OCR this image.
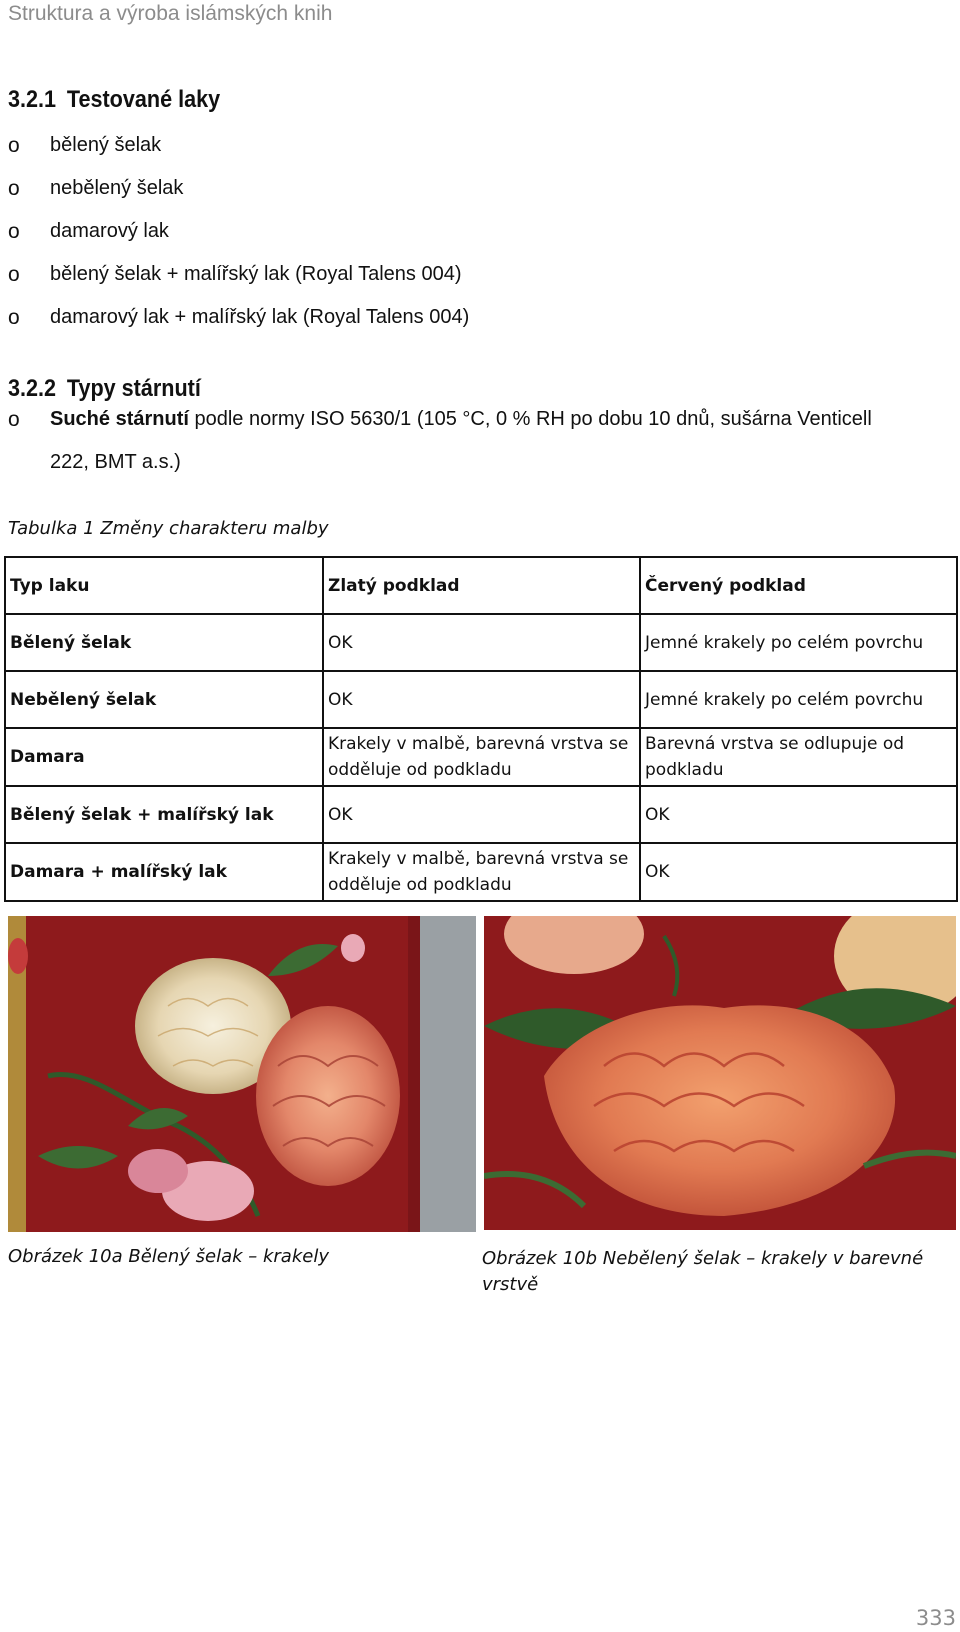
Struktura a výroba islámských knih
3.2.1 Testované laky
o bělený šelak
o nebělený šelak
o damarový lak
o bělený šelak + malířský lak (Royal Talens 004)
o damarový lak + malířský lak (Royal Talens 004)
3.2.2 Typy stárnutí
o Suché stárnutí podle normy ISO 5630/1 (105 °C, 0 % RH po dobu 10 dnů, sušárna Venticell
222, BMT a.s.)
Tabulka 1 Změny charakteru malby
Typ laku	Zlatý podklad	Červený podklad
Bělený šelak	OK	Jemné krakely po celém povrchu
Nebělený šelak	OK	Jemné krakely po celém povrchu
Damara	Krakely v malbě, barevná vrstva se odděluje od podkladu	Barevná vrstva se odlupuje od podkladu
Bělený šelak + malířský lak	OK	OK
Damara + malířský lak	Krakely v malbě, barevná vrstva se odděluje od podkladu	OK
Obrázek 10a Bělený šelak – krakely	Obrázek 10b Nebělený šelak – krakely v barevné vrstvě
333
